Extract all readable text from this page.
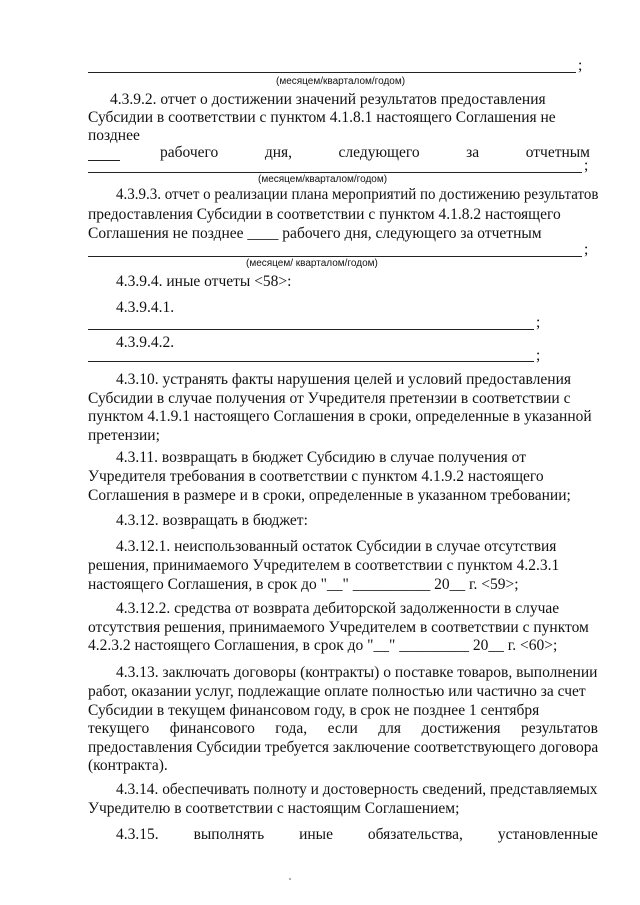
;
(месяцем/кварталом/годом)
4.3.9.2. отчет о достижении значений результатов предоставления
Субсидии в соответствии с пунктом 4.1.8.1 настоящего Соглашения не
позднее
рабочего	дня,	следующего	за	отчетным
;
(месяцем/кварталом/годом)
4.3.9.3. отчет о реализации плана мероприятий по достижению результатов
предоставления Субсидии в соответствии с пунктом 4.1.8.2 настоящего
Соглашения не позднее ____ рабочего дня, следующего за отчетным
;
(месяцем/ кварталом/годом)
4.3.9.4. иные отчеты <58>:
4.3.9.4.1.
;
4.3.9.4.2.
;
4.3.10. устранять факты нарушения целей и условий предоставления
Субсидии в случае получения от Учредителя претензии в соответствии с
пунктом 4.1.9.1 настоящего Соглашения в сроки, определенные в указанной
претензии;
4.3.11. возвращать в бюджет Субсидию в случае получения от
Учредителя требования в соответствии с пунктом 4.1.9.2 настоящего
Соглашения в размере и в сроки, определенные в указанном требовании;
4.3.12. возвращать в бюджет:
4.3.12.1. неиспользованный остаток Субсидии в случае отсутствия
решения, принимаемого Учредителем в соответствии с пунктом 4.2.3.1
настоящего Соглашения, в срок до "__" __________ 20__ г. <59>;
4.3.12.2. средства от возврата дебиторской задолженности в случае
отсутствия решения, принимаемого Учредителем в соответствии с пунктом
4.2.3.2 настоящего Соглашения, в срок до "__" _________ 20__ г. <60>;
4.3.13. заключать договоры (контракты) о поставке товаров, выполнении
работ, оказании услуг, подлежащие оплате полностью или частично за счет
Субсидии в текущем финансовом году, в срок не позднее 1 сентября
текущего финансового года, если для достижения результатов
предоставления Субсидии требуется заключение соответствующего договора
(контракта).
4.3.14. обеспечивать полноту и достоверность сведений, представляемых
Учредителю в соответствии с настоящим Соглашением;
4.3.15. выполнять иные обязательства, установленные
